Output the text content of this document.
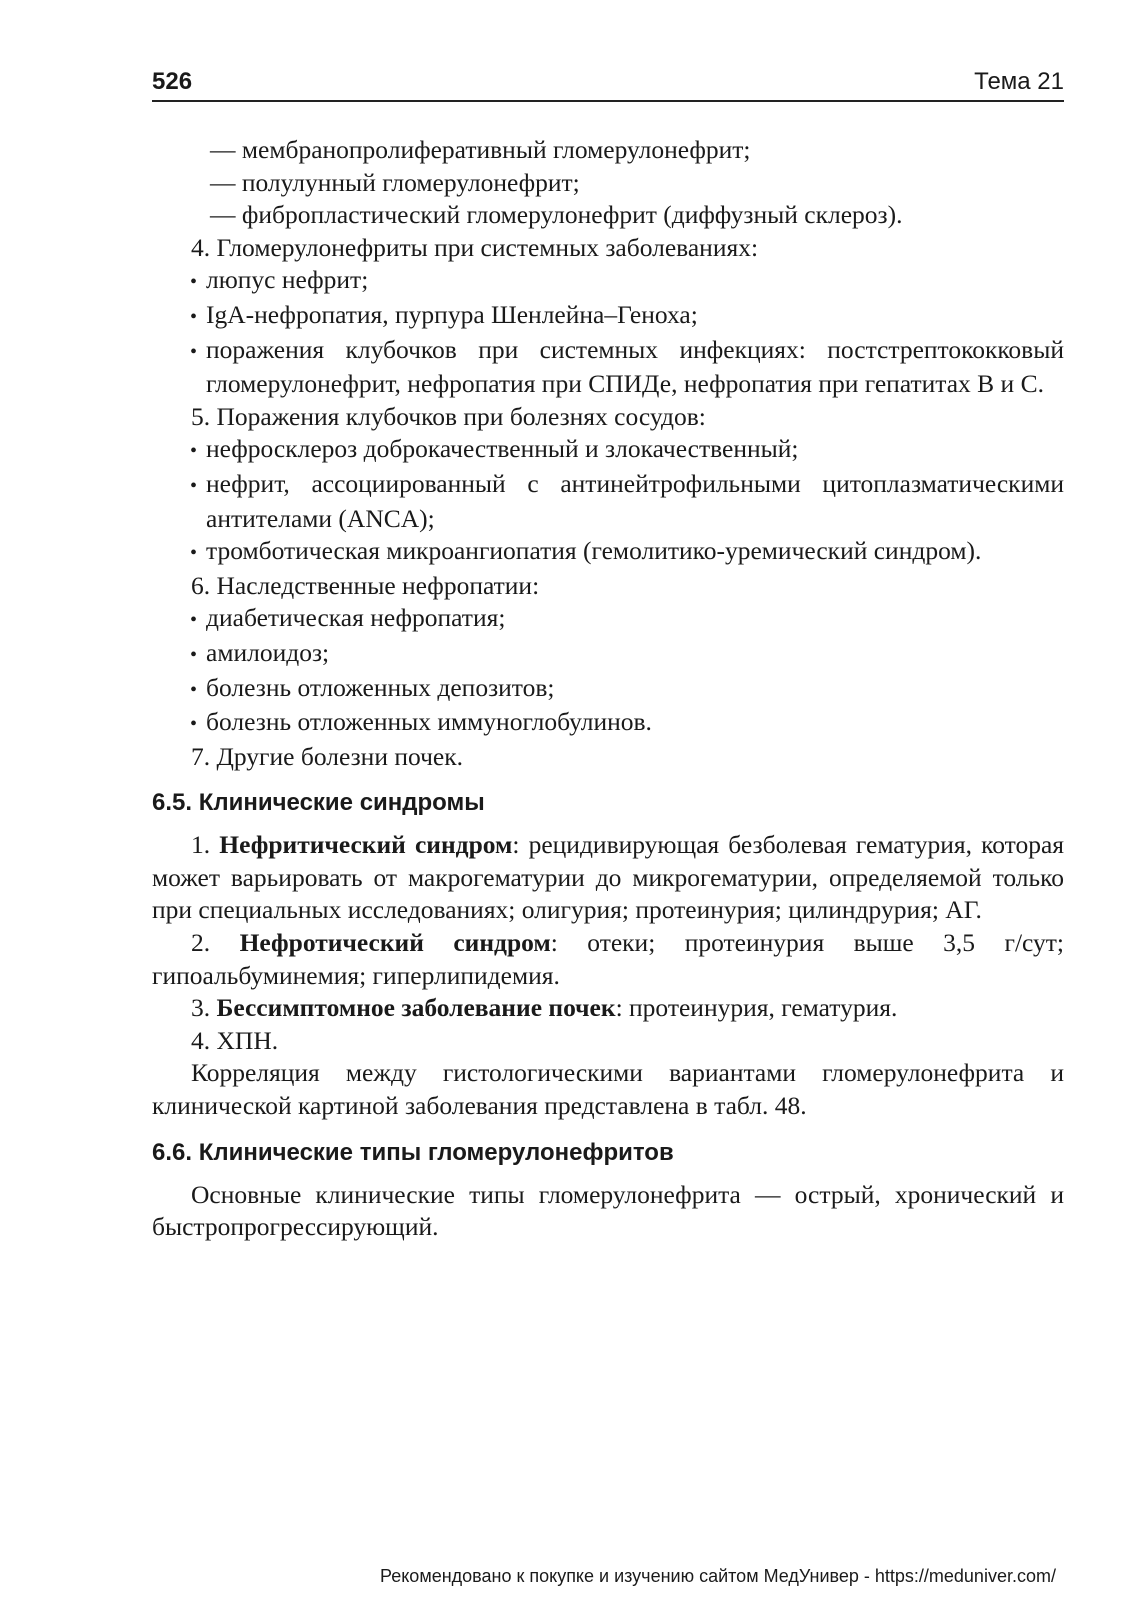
526	Тема 21

— мембранопролиферативный гломерулонефрит;

— полулунный гломерулонефрит;

— фибропластический гломерулонефрит (диффузный склероз).

4. Гломерулонефриты при системных заболеваниях:

• люпус нефрит;

• IgA-нефропатия, пурпура Шенлейна–Геноха;

• поражения клубочков при системных инфекциях: постстрептококковый гломерулонефрит, нефропатия при СПИДе, нефропатия при гепатитах В и С.

5. Поражения клубочков при болезнях сосудов:

• нефросклероз доброкачественный и злокачественный;

• нефрит, ассоциированный с антинейтрофильными цитоплазматическими антителами (ANCA);

• тромботическая микроангиопатия (гемолитико-уремический синдром).

6. Наследственные нефропатии:

• диабетическая нефропатия;

• амилоидоз;

• болезнь отложенных депозитов;

• болезнь отложенных иммуноглобулинов.

7. Другие болезни почек.

6.5. Клинические синдромы

1. Нефритический синдром: рецидивирующая безболевая гематурия, которая может варьировать от макрогематурии до микрогематурии, определяемой только при специальных исследованиях; олигурия; протеинурия; цилиндрурия; АГ.

2. Нефротический синдром: отеки; протеинурия выше 3,5 г/сут; гипоальбуминемия; гиперлипидемия.

3. Бессимптомное заболевание почек: протеинурия, гематурия.

4. ХПН.

Корреляция между гистологическими вариантами гломерулонефрита и клинической картиной заболевания представлена в табл. 48.

6.6. Клинические типы гломерулонефритов

Основные клинические типы гломерулонефрита — острый, хронический и быстропрогрессирующий.

Рекомендовано к покупке и изучению сайтом МедУнивер - https://meduniver.com/
